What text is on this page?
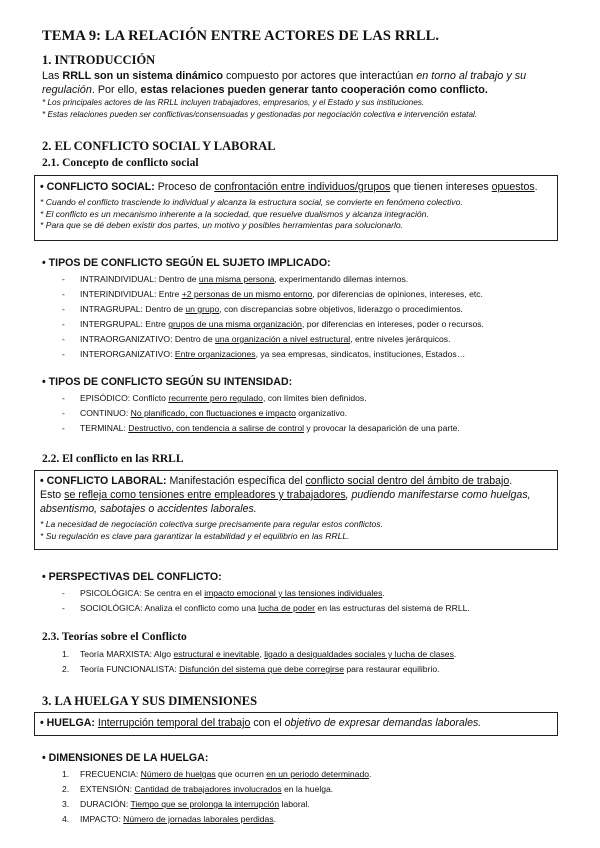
TEMA 9: LA RELACIÓN ENTRE ACTORES DE LAS RRLL.
1. INTRODUCCIÓN
Las RRLL son un sistema dinámico compuesto por actores que interactúan en torno al trabajo y su regulación. Por ello, estas relaciones pueden generar tanto cooperación como conflicto.
* Los principales actores de las RRLL incluyen trabajadores, empresarios, y el Estado y sus instituciones.
* Estas relaciones pueden ser conflictivas/consensuadas y gestionadas por negociación colectiva e intervención estatal.
2. EL CONFLICTO SOCIAL Y LABORAL
2.1. Concepto de conflicto social
• CONFLICTO SOCIAL: Proceso de confrontación entre individuos/grupos que tienen intereses opuestos.
* Cuando el conflicto trasciende lo individual y alcanza la estructura social, se convierte en fenómeno colectivo.
* El conflicto es un mecanismo inherente a la sociedad, que resuelve dualismos y alcanza integración.
* Para que se dé deben existir dos partes, un motivo y posibles herramientas para solucionarlo.
• TIPOS DE CONFLICTO SEGÚN EL SUJETO IMPLICADO:
- INTRAINDIVIDUAL: Dentro de una misma persona, experimentando dilemas internos.
- INTERINDIVIDUAL: Entre +2 personas de un mismo entorno, por diferencias de opiniones, intereses, etc.
- INTRAGRUPAL: Dentro de un grupo, con discrepancias sobre objetivos, liderazgo o procedimientos.
- INTERGRUPAL: Entre grupos de una misma organización, por diferencias en intereses, poder o recursos.
- INTRAORGANIZATIVO: Dentro de una organización a nivel estructural, entre niveles jerárquicos.
- INTERORGANIZATIVO: Entre organizaciones, ya sea empresas, sindicatos, instituciones, Estados…
• TIPOS DE CONFLICTO SEGÚN SU INTENSIDAD:
- EPISÓDICO: Conflicto recurrente pero regulado, con límites bien definidos.
- CONTINUO: No planificado, con fluctuaciones e impacto organizativo.
- TERMINAL: Destructivo, con tendencia a salirse de control y provocar la desaparición de una parte.
2.2. El conflicto en las RRLL
• CONFLICTO LABORAL: Manifestación específica del conflicto social dentro del ámbito de trabajo.
Esto se refleja como tensiones entre empleadores y trabajadores, pudiendo manifestarse como huelgas,
absentismo, sabotajes o accidentes laborales.
* La necesidad de negociación colectiva surge precisamente para regular estos conflictos.
* Su regulación es clave para garantizar la estabilidad y el equilibrio en las RRLL.
• PERSPECTIVAS DEL CONFLICTO:
- PSICOLÓGICA: Se centra en el impacto emocional y las tensiones individuales.
- SOCIOLÓGICA: Analiza el conflicto como una lucha de poder en las estructuras del sistema de RRLL.
2.3. Teorías sobre el Conflicto
1. Teoría MARXISTA: Algo estructural e inevitable, ligado a desigualdades sociales y lucha de clases.
2. Teoría FUNCIONALISTA: Disfunción del sistema que debe corregirse para restaurar equilibrio.
3. LA HUELGA Y SUS DIMENSIONES
• HUELGA: Interrupción temporal del trabajo con el objetivo de expresar demandas laborales.
• DIMENSIONES DE LA HUELGA:
1. FRECUENCIA: Número de huelgas que ocurren en un periodo determinado.
2. EXTENSIÓN: Cantidad de trabajadores involucrados en la huelga.
3. DURACIÓN: Tiempo que se prolonga la interrupción laboral.
4. IMPACTO: Número de jornadas laborales perdidas.
